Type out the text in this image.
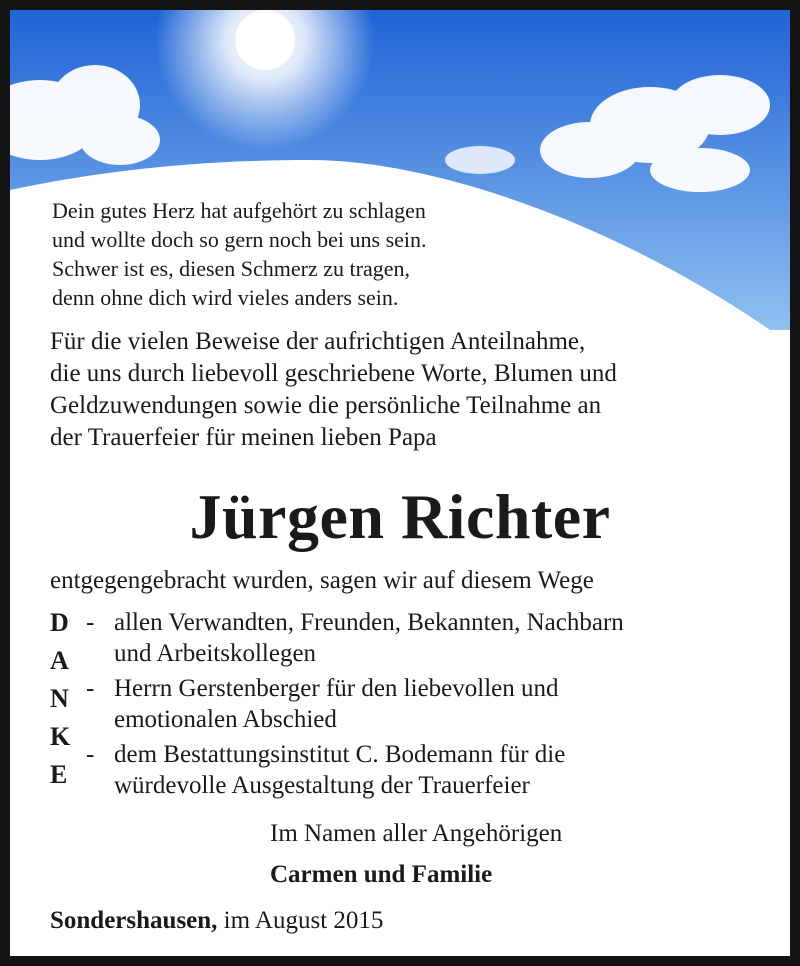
Dein gutes Herz hat aufgehört zu schlagen
und wollte doch so gern noch bei uns sein.
Schwer ist es, diesen Schmerz zu tragen,
denn ohne dich wird vieles anders sein.
Für die vielen Beweise der aufrichtigen Anteilnahme,
die uns durch liebevoll geschriebene Worte, Blumen und
Geldzuwendungen sowie die persönliche Teilnahme an
der Trauerfeier für meinen lieben Papa
Jürgen Richter
entgegengebracht wurden, sagen wir auf diesem Wege
D
A
N
K
E
- allen Verwandten, Freunden, Bekannten, Nachbarn
und Arbeitskollegen
- Herrn Gerstenberger für den liebevollen und
emotionalen Abschied
- dem Bestattungsinstitut C. Bodemann für die
würdevolle Ausgestaltung der Trauerfeier
Im Namen aller Angehörigen
Carmen und Familie
Sondershausen, im August 2015
